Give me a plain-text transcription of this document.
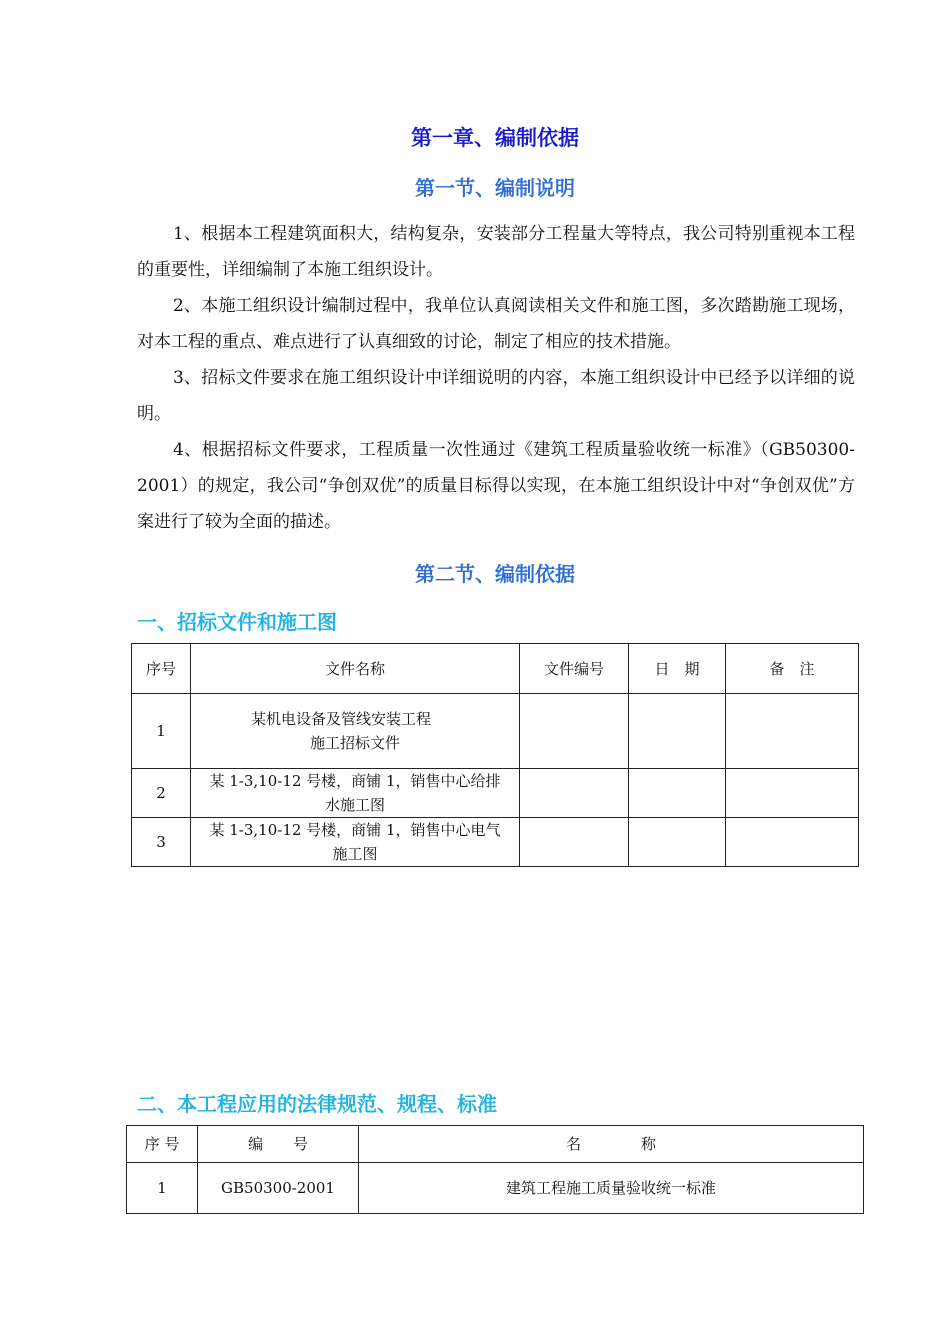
第一章、编制依据
第一节、编制说明

1、根据本工程建筑面积大，结构复杂，安装部分工程量大等特点，我公司特别重视本工程的重要性，详细编制了本施工组织设计。

2、本施工组织设计编制过程中，我单位认真阅读相关文件和施工图，多次踏勘施工现场，对本工程的重点、难点进行了认真细致的讨论，制定了相应的技术措施。

3、招标文件要求在施工组织设计中详细说明的内容，本施工组织设计中已经予以详细的说明。

4、根据招标文件要求，工程质量一次性通过《建筑工程质量验收统一标准》（GB50300-2001）的规定，我公司“争创双优”的质量目标得以实现，在本施工组织设计中对“争创双优”方案进行了较为全面的描述。

第二节、编制依据
一、招标文件和施工图
序号	文件名称	文件编号	日　期	备　注
1	某机电设备及管线安装工程
施工招标文件			

2	某 1-3,10-12 号楼，商铺 1，销售中心给排
水施工图			

3	某 1-3,10-12 号楼，商铺 1，销售中心电气
施工图			

二、本工程应用的法律规范、规程、标准
序 号	编　　号	名　　　　称
1	GB50300-2001	建筑工程施工质量验收统一标准
